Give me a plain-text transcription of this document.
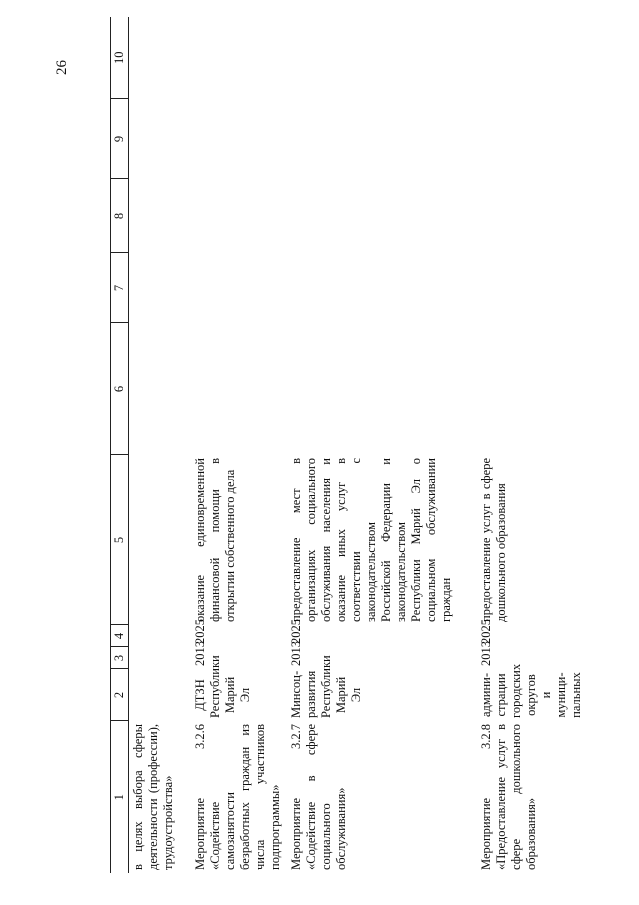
26
1	2	3	4	5	6	7	8	9	10
в целях выбора сферы деятельности (профессии), трудоустройства»									
Мероприятие 3.2.6 «Содействие самозанятости безработных граждан из числа участников подпрограммы»	ДТЗН Республики Марий Эл	2013	2025	оказание единовременной финансовой помощи в открытии собственного дела					
Мероприятие 3.2.7 «Содействие в сфере социального обслуживания»	Минсоц-развития Республики Марий Эл	2013	2025	предоставление мест в организациях социального обслуживания населения и оказание иных услуг в соответствии с законодательством Российской Федерации и законодательством Республики Марий Эл о социальном обслуживании граждан					
Мероприятие 3.2.8 «Предоставление услуг в сфере дошкольного образования»	админи-страции городских округов и муници-пальных	2013	2025	предоставление услуг в сфере дошкольного образования					
